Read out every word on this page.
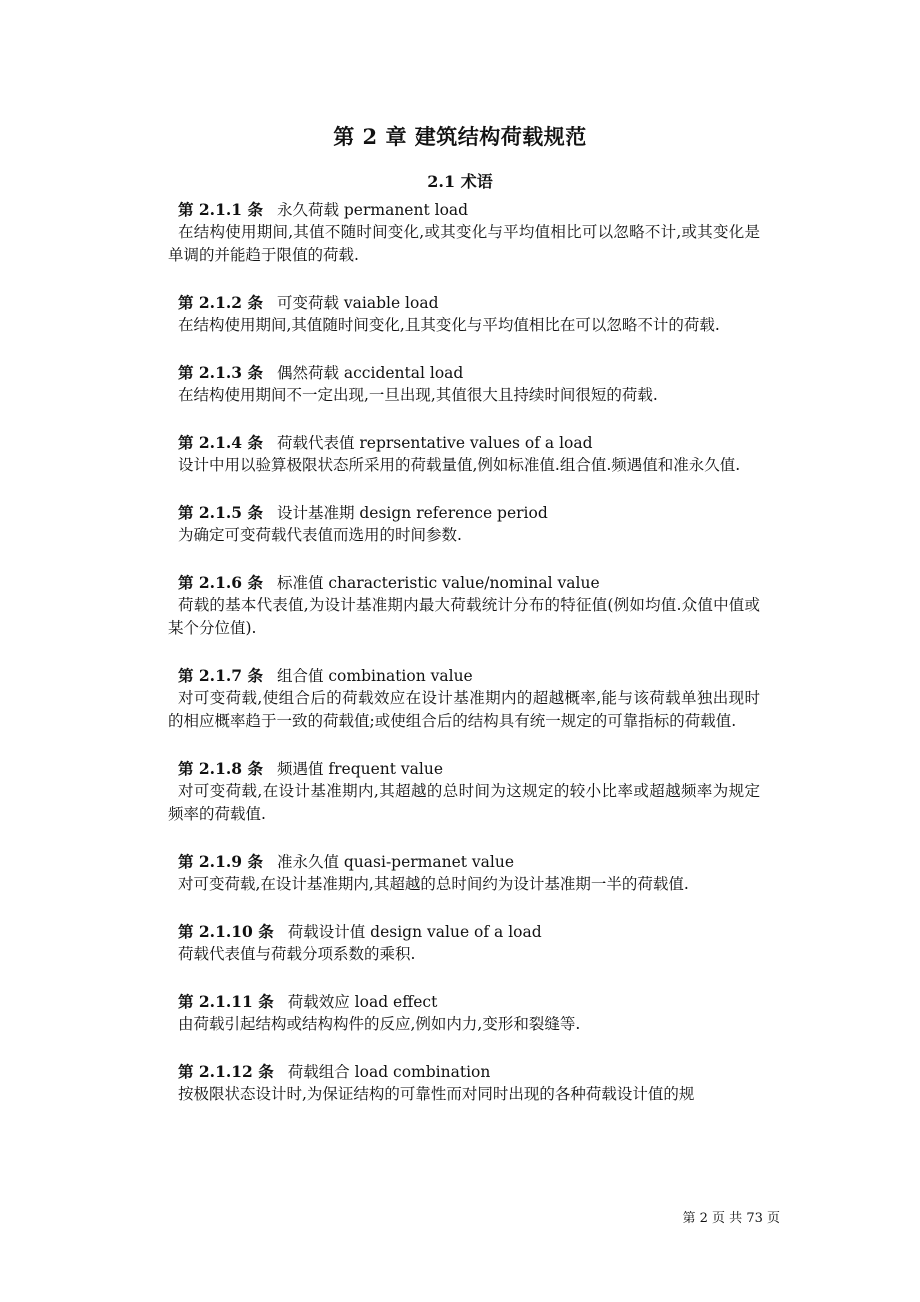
第 2 章 建筑结构荷载规范
2.1 术语
第 2.1.1 条 永久荷载 permanent load
在结构使用期间,其值不随时间变化,或其变化与平均值相比可以忽略不计,或其变化是单调的并能趋于限值的荷载.
第 2.1.2 条 可变荷载 vaiable load
在结构使用期间,其值随时间变化,且其变化与平均值相比在可以忽略不计的荷载.
第 2.1.3 条 偶然荷载 accidental load
在结构使用期间不一定出现,一旦出现,其值很大且持续时间很短的荷载.
第 2.1.4 条 荷载代表值 reprsentative values of a load
设计中用以验算极限状态所采用的荷载量值,例如标准值.组合值.频遇值和准永久值.
第 2.1.5 条 设计基准期 design reference period
为确定可变荷载代表值而选用的时间参数.
第 2.1.6 条 标准值 characteristic value/nominal value
荷载的基本代表值,为设计基准期内最大荷载统计分布的特征值(例如均值.众值中值或某个分位值).
第 2.1.7 条 组合值 combination value
对可变荷载,使组合后的荷载效应在设计基准期内的超越概率,能与该荷载单独出现时的相应概率趋于一致的荷载值;或使组合后的结构具有统一规定的可靠指标的荷载值.
第 2.1.8 条 频遇值 frequent value
对可变荷载,在设计基准期内,其超越的总时间为这规定的较小比率或超越频率为规定频率的荷载值.
第 2.1.9 条 准永久值 quasi-permanet value
对可变荷载,在设计基准期内,其超越的总时间约为设计基准期一半的荷载值.
第 2.1.10 条 荷载设计值 design value of a load
荷载代表值与荷载分项系数的乘积.
第 2.1.11 条 荷载效应 load effect
由荷载引起结构或结构构件的反应,例如内力,变形和裂缝等.
第 2.1.12 条 荷载组合 load combination
按极限状态设计时,为保证结构的可靠性而对同时出现的各种荷载设计值的规
第 2 页 共 73 页
